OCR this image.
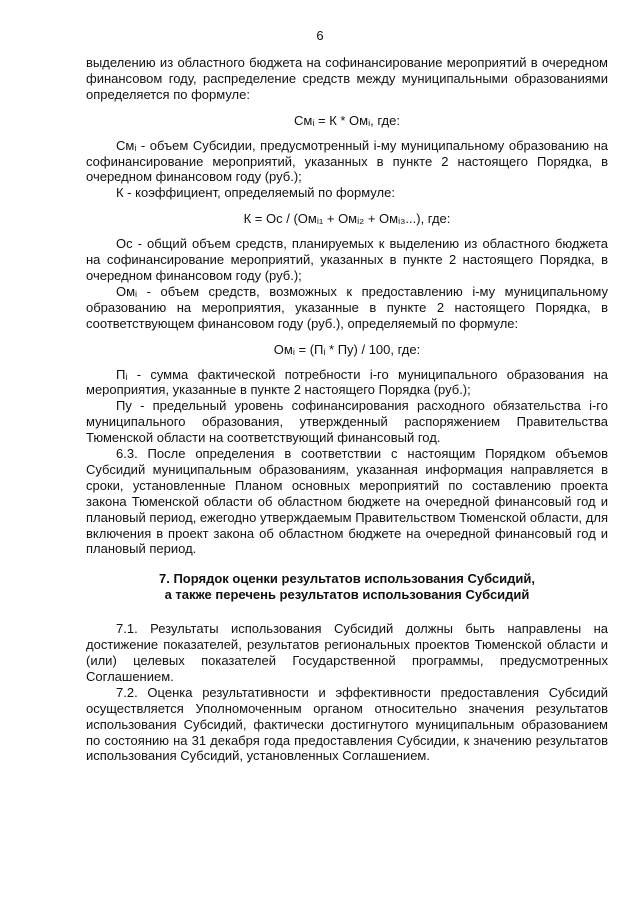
6

выделению из областного бюджета на софинансирование мероприятий в очередном финансовом году, распределение средств между муниципальными образованиями определяется по формуле:

Смᵢ = К * Омᵢ, где:

Смᵢ - объем Субсидии, предусмотренный i-му муниципальному образованию на софинансирование мероприятий, указанных в пункте 2 настоящего Порядка, в очередном финансовом году (руб.);

К - коэффициент, определяемый по формуле:

К = Ос / (Омᵢ₁ + Омᵢ₂ + Омᵢ₃...), где:

Ос - общий объем средств, планируемых к выделению из областного бюджета на софинансирование мероприятий, указанных в пункте 2 настоящего Порядка, в очередном финансовом году (руб.);

Омᵢ - объем средств, возможных к предоставлению i-му муниципальному образованию на мероприятия, указанные в пункте 2 настоящего Порядка, в соответствующем финансовом году (руб.), определяемый по формуле:

Омᵢ = (Пᵢ * Пу) / 100, где:

Пᵢ - сумма фактической потребности i-го муниципального образования на мероприятия, указанные в пункте 2 настоящего Порядка (руб.);

Пу - предельный уровень софинансирования расходного обязательства i-го муниципального образования, утвержденный распоряжением Правительства Тюменской области на соответствующий финансовый год.

6.3. После определения в соответствии с настоящим Порядком объемов Субсидий муниципальным образованиям, указанная информация направляется в сроки, установленные Планом основных мероприятий по составлению проекта закона Тюменской области об областном бюджете на очередной финансовый год и плановый период, ежегодно утверждаемым Правительством Тюменской области, для включения в проект закона об областном бюджете на очередной финансовый год и плановый период.

7. Порядок оценки результатов использования Субсидий,
а также перечень результатов использования Субсидий

7.1. Результаты использования Субсидий должны быть направлены на достижение показателей, результатов региональных проектов Тюменской области и (или) целевых показателей Государственной программы, предусмотренных Соглашением.

7.2. Оценка результативности и эффективности предоставления Субсидий осуществляется Уполномоченным органом относительно значения результатов использования Субсидий, фактически достигнутого муниципальным образованием по состоянию на 31 декабря года предоставления Субсидии, к значению результатов использования Субсидий, установленных Соглашением.
